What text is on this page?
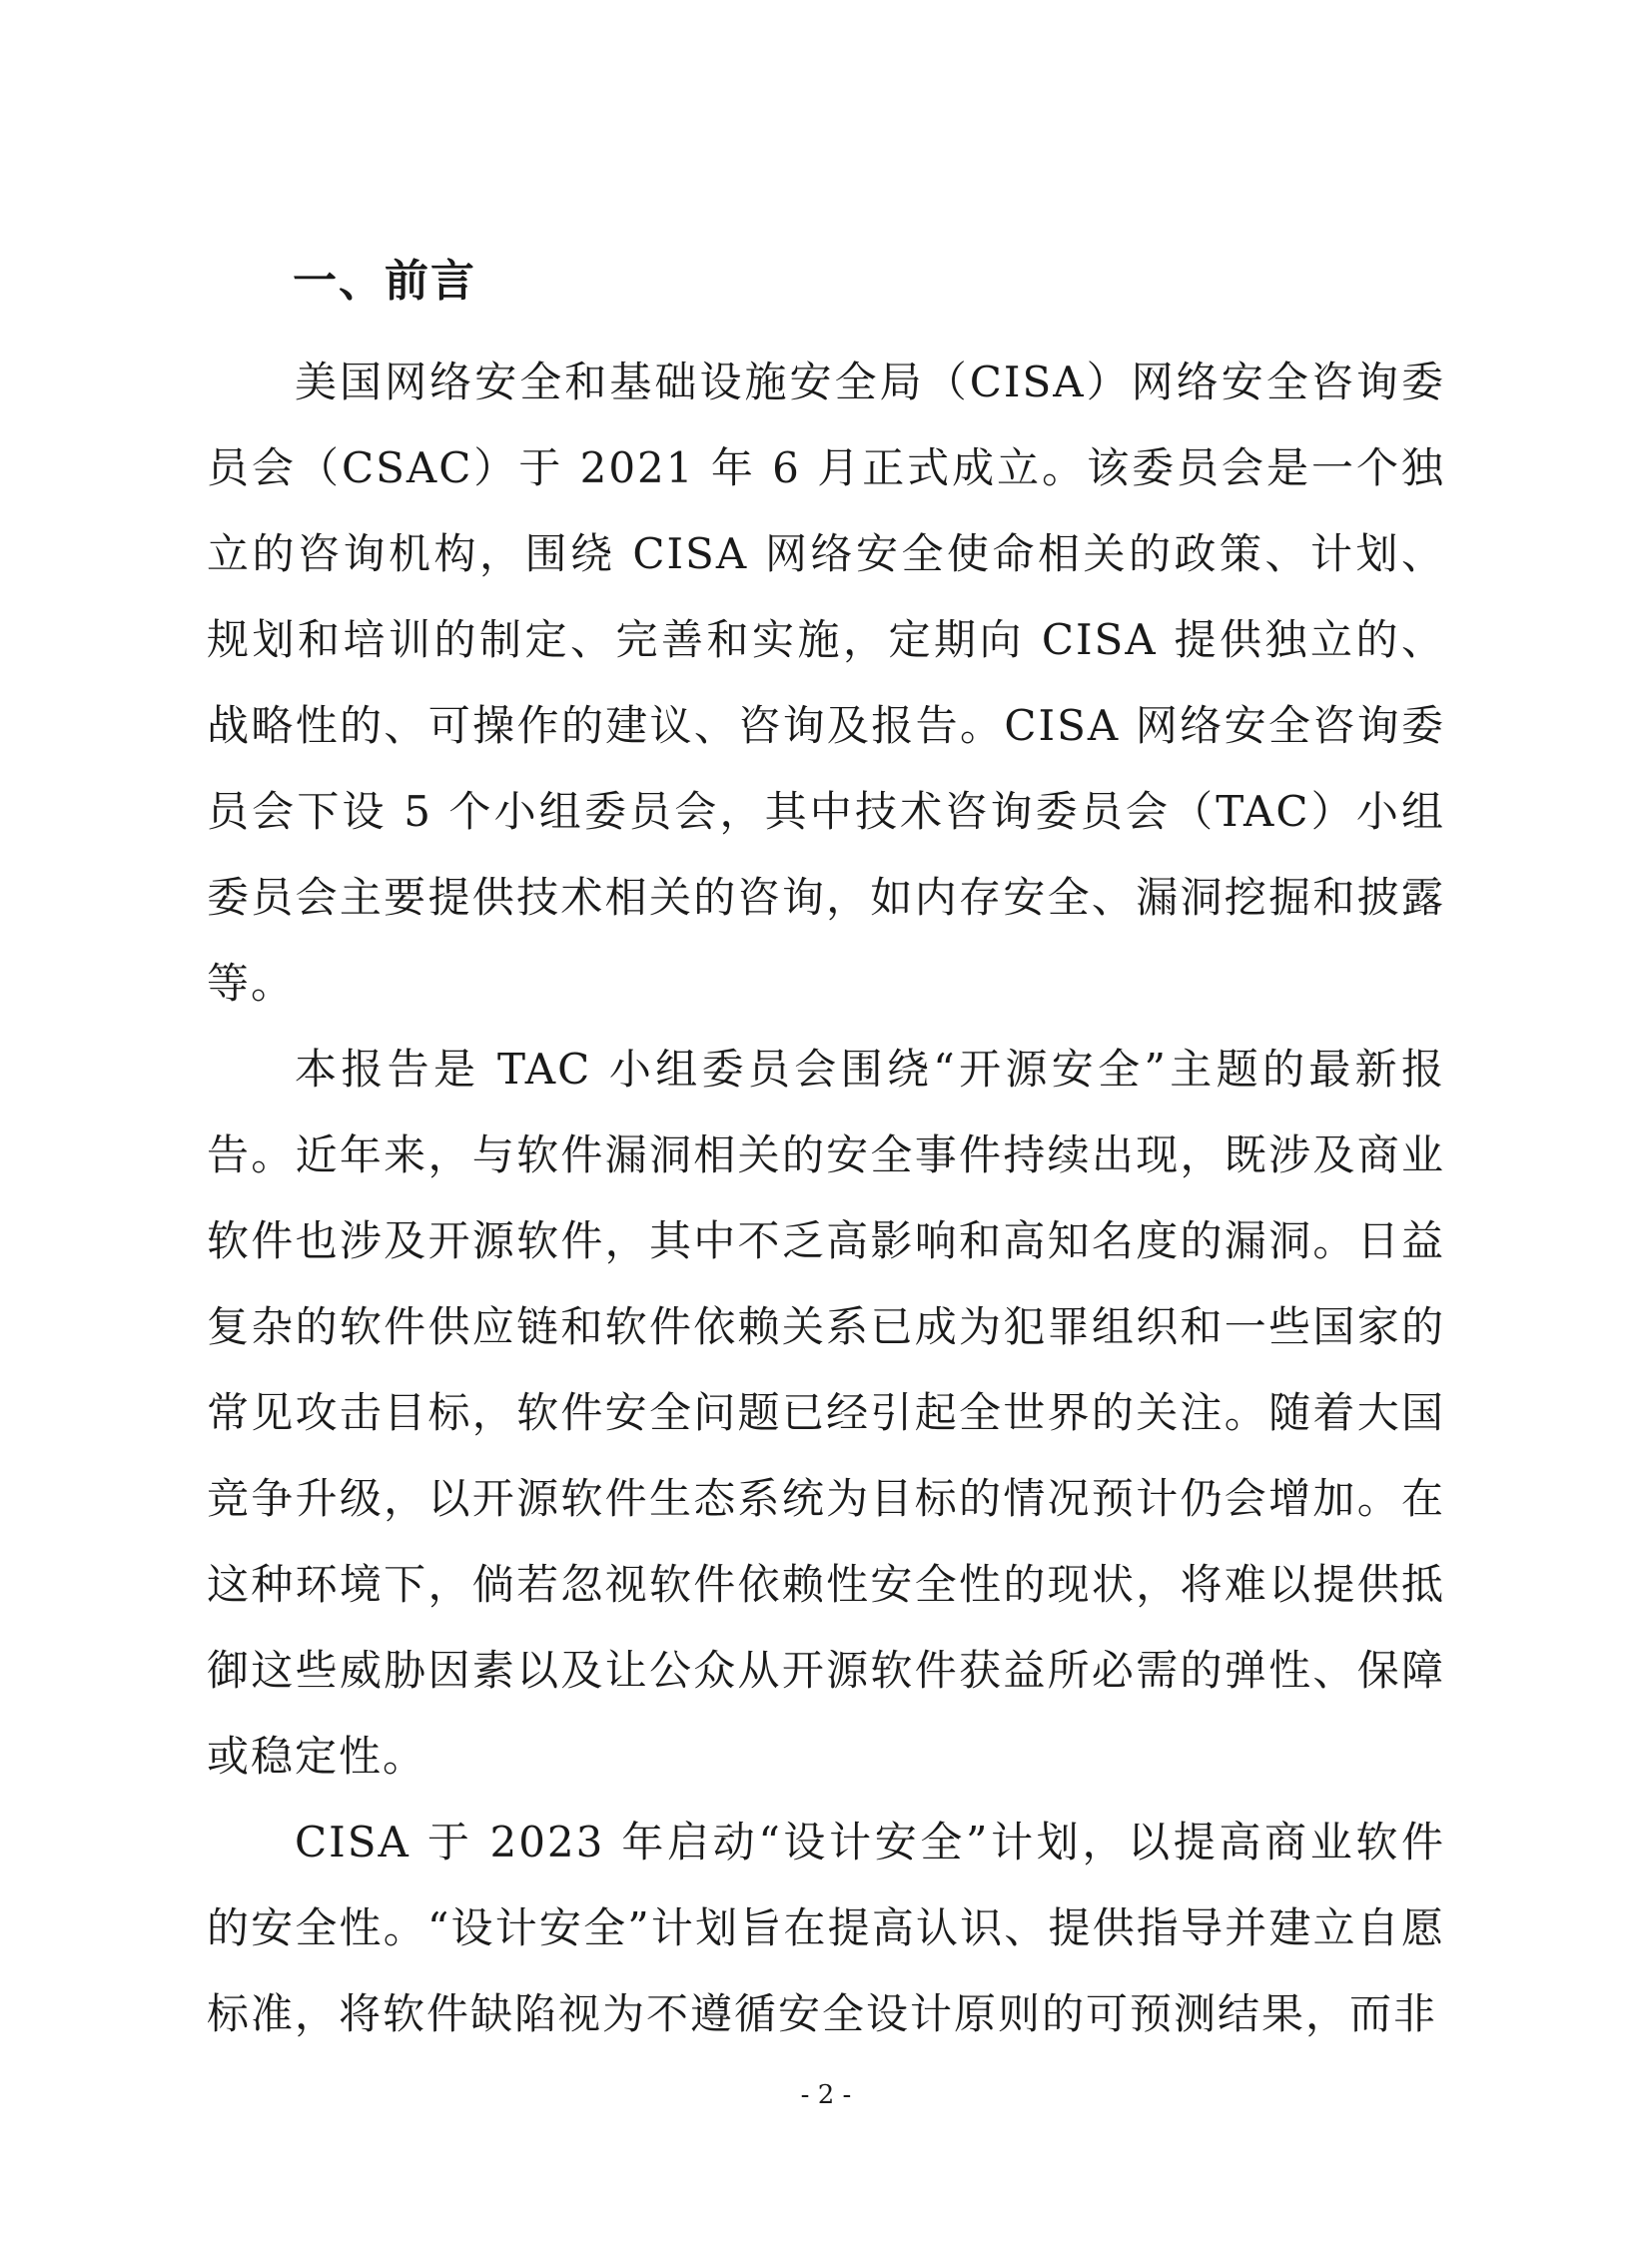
一、前言

美国网络安全和基础设施安全局（CISA）网络安全咨询委员会（CSAC）于 2021 年 6 月正式成立。该委员会是一个独立的咨询机构，围绕 CISA 网络安全使命相关的政策、计划、规划和培训的制定、完善和实施，定期向 CISA 提供独立的、战略性的、可操作的建议、咨询及报告。CISA 网络安全咨询委员会下设 5 个小组委员会，其中技术咨询委员会（TAC）小组委员会主要提供技术相关的咨询，如内存安全、漏洞挖掘和披露等。

本报告是 TAC 小组委员会围绕“开源安全”主题的最新报告。近年来，与软件漏洞相关的安全事件持续出现，既涉及商业软件也涉及开源软件，其中不乏高影响和高知名度的漏洞。日益复杂的软件供应链和软件依赖关系已成为犯罪组织和一些国家的常见攻击目标，软件安全问题已经引起全世界的关注。随着大国竞争升级，以开源软件生态系统为目标的情况预计仍会增加。在这种环境下，倘若忽视软件依赖性安全性的现状，将难以提供抵御这些威胁因素以及让公众从开源软件获益所必需的弹性、保障或稳定性。

CISA 于 2023 年启动“设计安全”计划，以提高商业软件的安全性。“设计安全”计划旨在提高认识、提供指导并建立自愿标准，将软件缺陷视为不遵循安全设计原则的可预测结果，而非

- 2 -
